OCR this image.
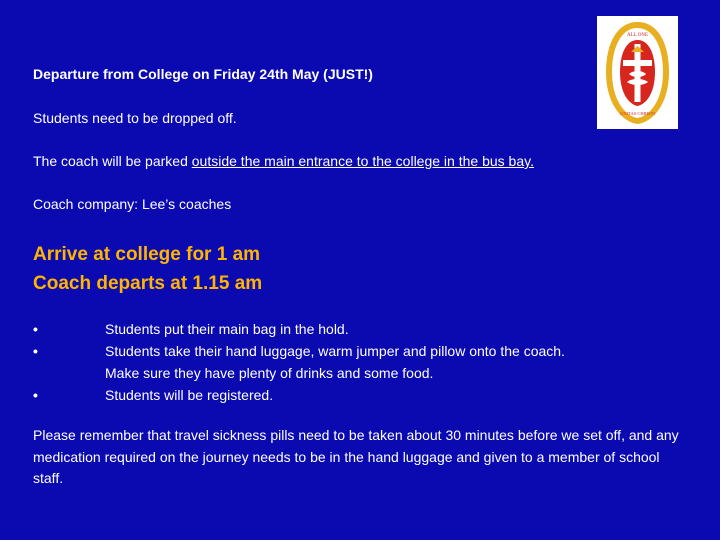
ALL ONE
UNITAS CHRISTI
Departure from College on Friday 24th May (JUST!)
Students need to be dropped off.
The coach will be parked outside the main entrance to the college in the bus bay.
Coach company: Lee’s coaches
Arrive at college for 1 am
Coach departs at 1.15 am
•	Students put their main bag in the hold.
•	Students take their hand luggage, warm jumper and pillow onto the coach.
Make sure they have plenty of drinks and some food.
•	Students will be registered.
Please remember that travel sickness pills need to be taken about 30 minutes before we set off, and any medication required on the journey needs to be in the hand luggage and given to a member of school staff.
